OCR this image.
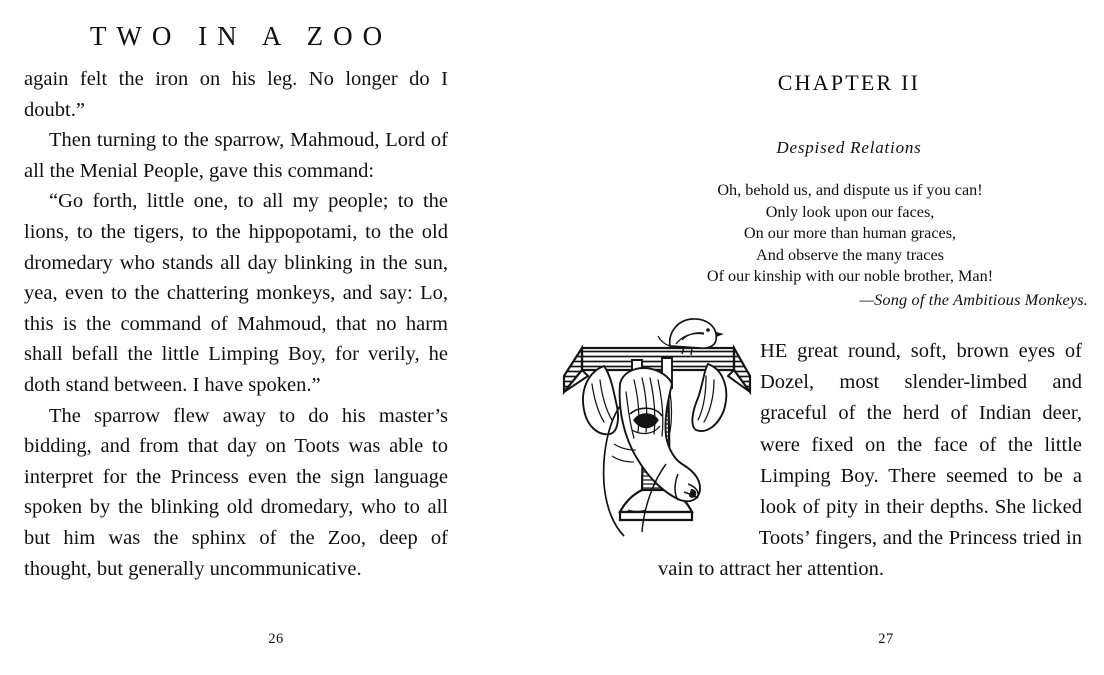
TWO IN A ZOO

again felt the iron on his leg. No longer do I doubt.”

Then turning to the sparrow, Mahmoud, Lord of all the Menial People, gave this command:

“Go forth, little one, to all my people; to the lions, to the tigers, to the hippopotami, to the old dromedary who stands all day blinking in the sun, yea, even to the chattering monkeys, and say: Lo, this is the command of Mahmoud, that no harm shall befall the little Limping Boy, for verily, he doth stand between. I have spoken.”

The sparrow flew away to do his master’s bidding, and from that day on Toots was able to interpret for the Princess even the sign language spoken by the blinking old dromedary, who to all but him was the sphinx of the Zoo, deep of thought, but generally uncommunicative.

26
CHAPTER II
Despised Relations
Oh, behold us, and dispute us if you can!
Only look upon our faces,
On our more than human graces,
And observe the many traces
Of our kinship with our noble brother, Man!
—Song of the Ambitious Monkeys.

HE great round, soft, brown eyes of Dozel, most slender-limbed and graceful of the herd of Indian deer, were fixed on the face of the little Limping Boy. There seemed to be a look of pity in their depths. She licked Toots’ fingers, and the Princess tried in vain to attract her attention.

27
